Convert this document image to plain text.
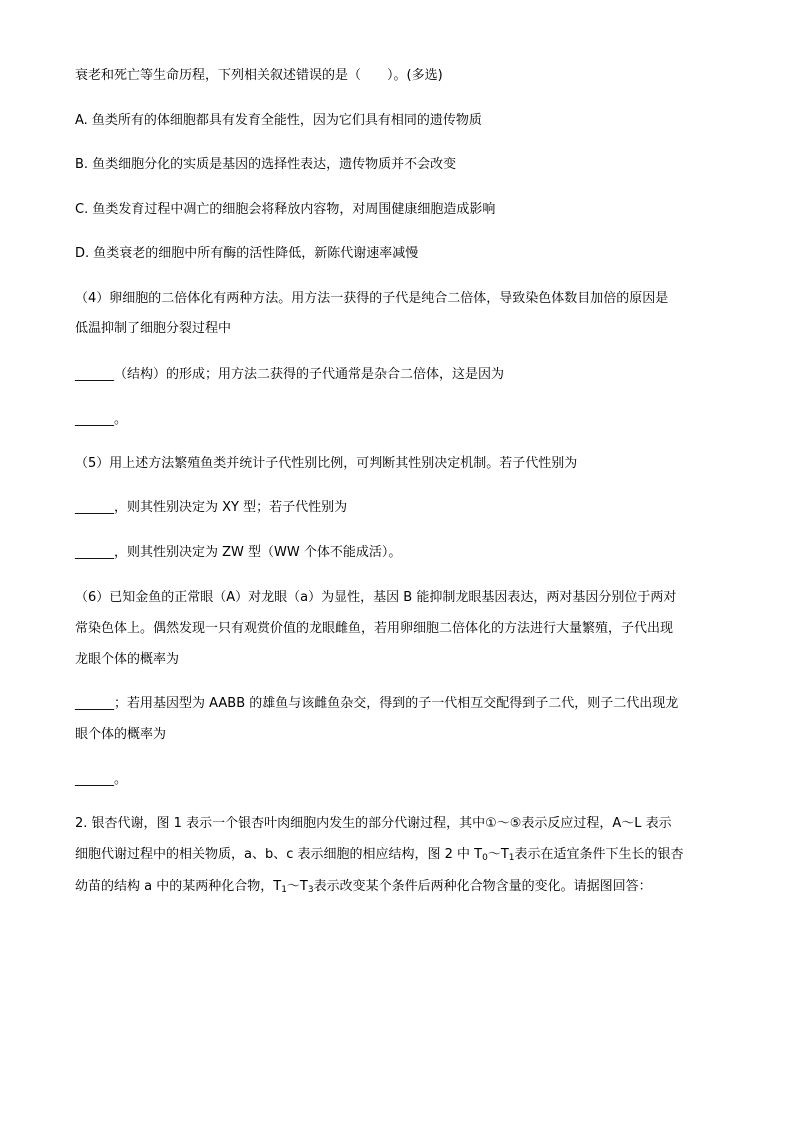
衰老和死亡等生命历程，下列相关叙述错误的是（　　）。(多选)
A. 鱼类所有的体细胞都具有发育全能性，因为它们具有相同的遗传物质
B. 鱼类细胞分化的实质是基因的选择性表达，遗传物质并不会改变
C. 鱼类发育过程中凋亡的细胞会将释放内容物，对周围健康细胞造成影响
D. 鱼类衰老的细胞中所有酶的活性降低，新陈代谢速率减慢
（4）卵细胞的二倍体化有两种方法。用方法一获得的子代是纯合二倍体，导致染色体数目加倍的原因是
低温抑制了细胞分裂过程中
______（结构）的形成；用方法二获得的子代通常是杂合二倍体，这是因为
______。
（5）用上述方法繁殖鱼类并统计子代性别比例，可判断其性别决定机制。若子代性别为
______，则其性别决定为 XY 型；若子代性别为
______，则其性别决定为 ZW 型（WW 个体不能成活）。
（6）已知金鱼的正常眼（A）对龙眼（a）为显性，基因 B 能抑制龙眼基因表达，两对基因分别位于两对
常染色体上。偶然发现一只有观赏价值的龙眼雌鱼，若用卵细胞二倍体化的方法进行大量繁殖，子代出现
龙眼个体的概率为
______；若用基因型为 AABB 的雄鱼与该雌鱼杂交，得到的子一代相互交配得到子二代，则子二代出现龙
眼个体的概率为
______。
2. 银杏代谢，图 1 表示一个银杏叶肉细胞内发生的部分代谢过程，其中①～⑤表示反应过程，A～L 表示
细胞代谢过程中的相关物质，a、b、c 表示细胞的相应结构，图 2 中 $T_0\sim T_1$表示在适宜条件下生长的银杏
幼苗的结构 a 中的某两种化合物，$T_1\sim T_3$表示改变某个条件后两种化合物含量的变化。请据图回答：
